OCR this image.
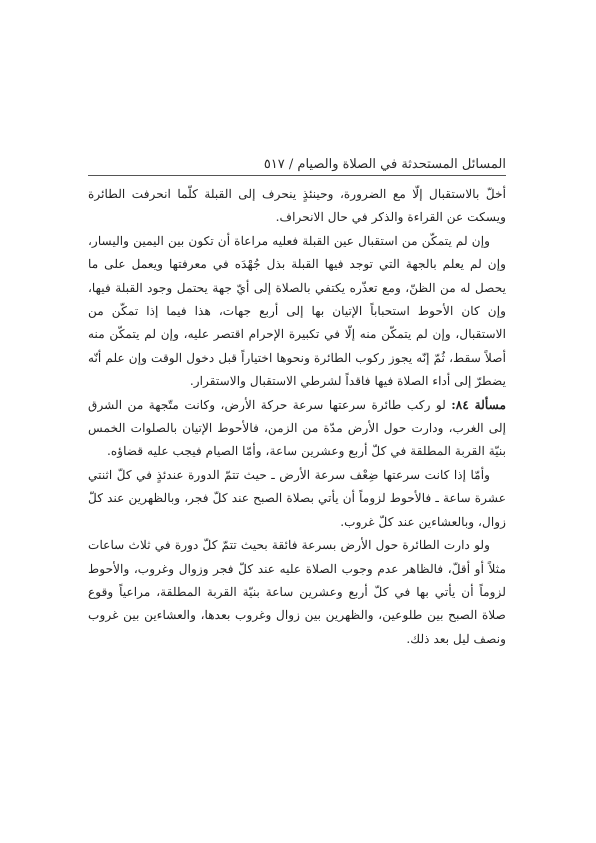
المسائل المستحدثة في الصلاة والصيام
/
٥١٧

أخلّ بالاستقبال إلّا مع الضرورة، وحينئذٍ ينحرف إلى القبلة كلّما انحرفت الطائرة ويسكت عن القراءة والذكر في حال الانحراف.

وإن لم يتمكّن من استقبال عين القبلة فعليه مراعاة أن تكون بين اليمين واليسار، وإن لم يعلم بالجهة التي توجد فيها القبلة بذل جُهْدَه في معرفتها ويعمل على ما يحصل له من الظنّ، ومع تعذّره يكتفي بالصلاة إلى أيّ جهة يحتمل وجود القبلة فيها، وإن كان الأحوط استحباباً الإتيان بها إلى أربع جهات، هذا فيما إذا تمكّن من الاستقبال، وإن لم يتمكّن منه إلّا في تكبيرة الإحرام اقتصر عليه، وإن لم يتمكّن منه أصلاً سقط، ثُمّ إنّه يجوز ركوب الطائرة ونحوها اختياراً قبل دخول الوقت وإن علم أنّه يضطرّ إلى أداء الصلاة فيها فاقداً لشرطي الاستقبال والاستقرار.

مسألة ٨٤: لو ركب طائرة سرعتها سرعة حركة الأرض، وكانت متّجهة من الشرق إلى الغرب، ودارت حول الأرض مدّة من الزمن، فالأحوط الإتيان بالصلوات الخمس بنيّة القربة المطلقة في كلّ أربع وعشرين ساعة، وأمّا الصيام فيجب عليه قضاؤه.

وأمّا إذا كانت سرعتها ضِعْف سرعة الأرض ـ حيث تتمّ الدورة عندئذٍ في كلّ اثنتي عشرة ساعة ـ فالأحوط لزوماً أن يأتي بصلاة الصبح عند كلّ فجر، وبالظهرين عند كلّ زوال، وبالعشاءين عند كلّ غروب.

ولو دارت الطائرة حول الأرض بسرعة فائقة بحيث تتمّ كلّ دورة في ثلاث ساعات مثلاً أو أقلّ، فالظاهر عدم وجوب الصلاة عليه عند كلّ فجر وزوال وغروب، والأحوط لزوماً أن يأتي بها في كلّ أربع وعشرين ساعة بنيّة القربة المطلقة، مراعياً وقوع صلاة الصبح بين طلوعين، والظهرين بين زوال وغروب بعدها، والعشاءين بين غروب ونصف ليل بعد ذلك.
